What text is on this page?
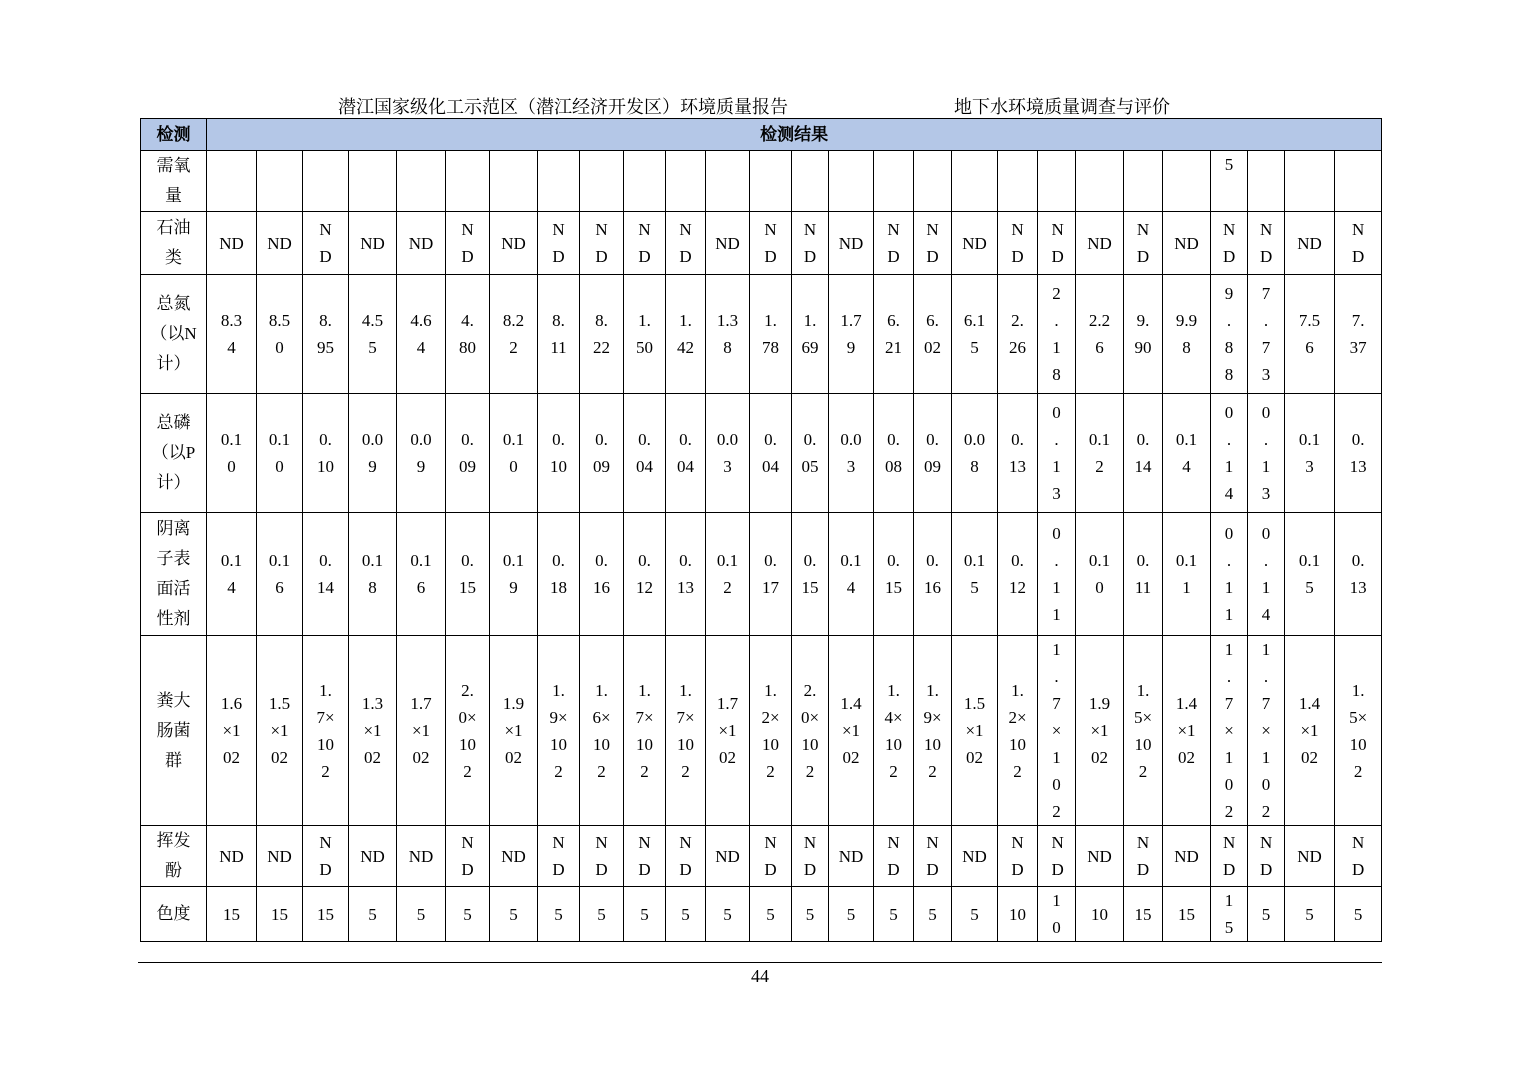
潜江国家级化工示范区（潜江经济开发区）环境质量报告	地下水环境质量调查与评价
检测	检测结果																										

需氧量																								5			

石油类	ND	ND	ND	ND	ND	ND	ND	ND	ND	ND	ND	ND	ND	ND	ND	ND	ND	ND	ND	ND	ND	ND	ND	ND	ND	ND	ND

总氮（以N计）	8.34	8.50	8.95	4.55	4.64	4.80	8.22	8.11	8.22	1.50	1.42	1.38	1.78	1.69	1.79	6.21	6.02	6.15	2.26	2.18	2.26	9.90	9.98	9.88	7.73	7.56	7.37

总磷（以P计）	0.10	0.10	0.10	0.09	0.09	0.09	0.10	0.10	0.09	0.04	0.04	0.03	0.04	0.05	0.03	0.08	0.09	0.08	0.13	0.13	0.12	0.14	0.14	0.14	0.13	0.13	0.13

阴离子表面活性剂	0.14	0.16	0.14	0.18	0.16	0.15	0.19	0.18	0.16	0.12	0.13	0.12	0.17	0.15	0.14	0.15	0.16	0.15	0.12	0.11	0.10	0.11	0.11	0.11	0.14	0.15	0.13

粪大肠菌群	1.6×102	1.5×102	1.7×102	1.3×102	1.7×102	2.0×102	1.9×102	1.9×102	1.6×102	1.7×102	1.7×102	1.7×102	1.2×102	2.0×102	1.4×102	1.4×102	1.9×102	1.5×102	1.2×102	1.7×102	1.9×102	1.5×102	1.4×102	1.7×102	1.7×102	1.4×102	1.5×102

挥发酚	ND	ND	ND	ND	ND	ND	ND	ND	ND	ND	ND	ND	ND	ND	ND	ND	ND	ND	ND	ND	ND	ND	ND	ND	ND	ND	ND

色度	15	15	15	5	5	5	5	5	5	5	5	5	5	5	5	5	5	5	10	10	10	15	15	15	5	5	5
44
